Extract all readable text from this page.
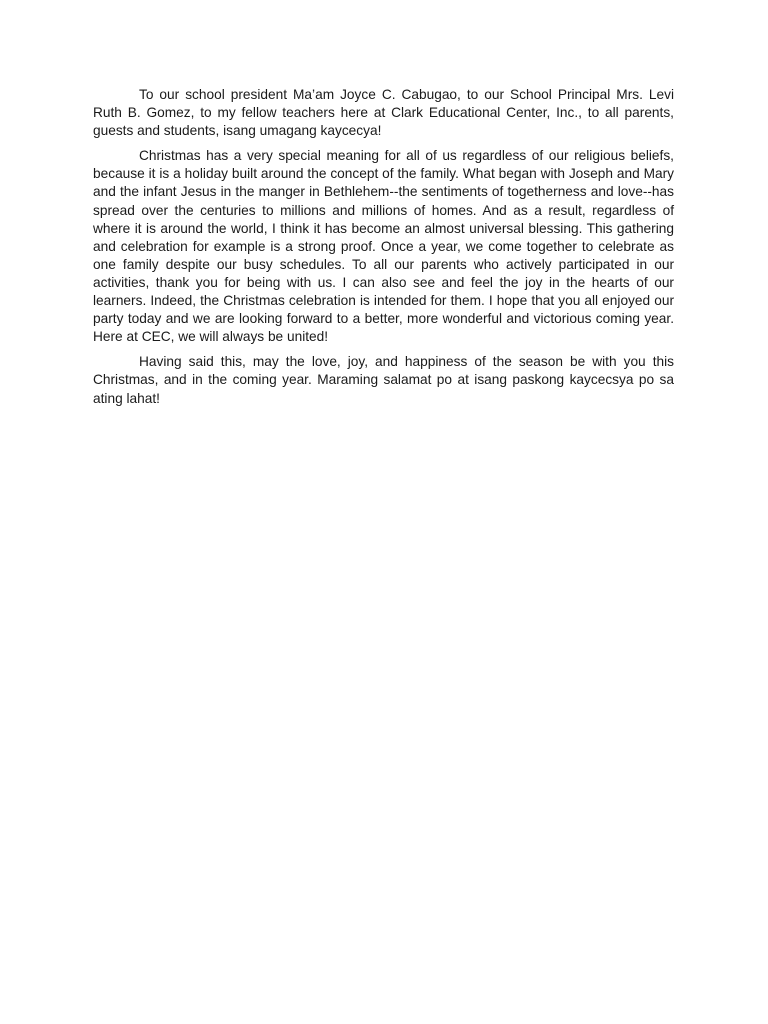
To our school president Ma’am Joyce C. Cabugao, to our School Principal Mrs. Levi Ruth B. Gomez, to my fellow teachers here at Clark Educational Center, Inc., to all parents, guests and students, isang umagang kaycecya!

Christmas has a very special meaning for all of us regardless of our religious beliefs, because it is a holiday built around the concept of the family. What began with Joseph and Mary and the infant Jesus in the manger in Bethlehem--the sentiments of togetherness and love--has spread over the centuries to millions and millions of homes. And as a result, regardless of where it is around the world, I think it has become an almost universal blessing. This gathering and celebration for example is a strong proof. Once a year, we come together to celebrate as one family despite our busy schedules. To all our parents who actively participated in our activities, thank you for being with us. I can also see and feel the joy in the hearts of our learners. Indeed, the Christmas celebration is intended for them. I hope that you all enjoyed our party today and we are looking forward to a better, more wonderful and victorious coming year. Here at CEC, we will always be united!

Having said this, may the love, joy, and happiness of the season be with you this Christmas, and in the coming year. Maraming salamat po at isang paskong kaycecsya po sa ating lahat!
